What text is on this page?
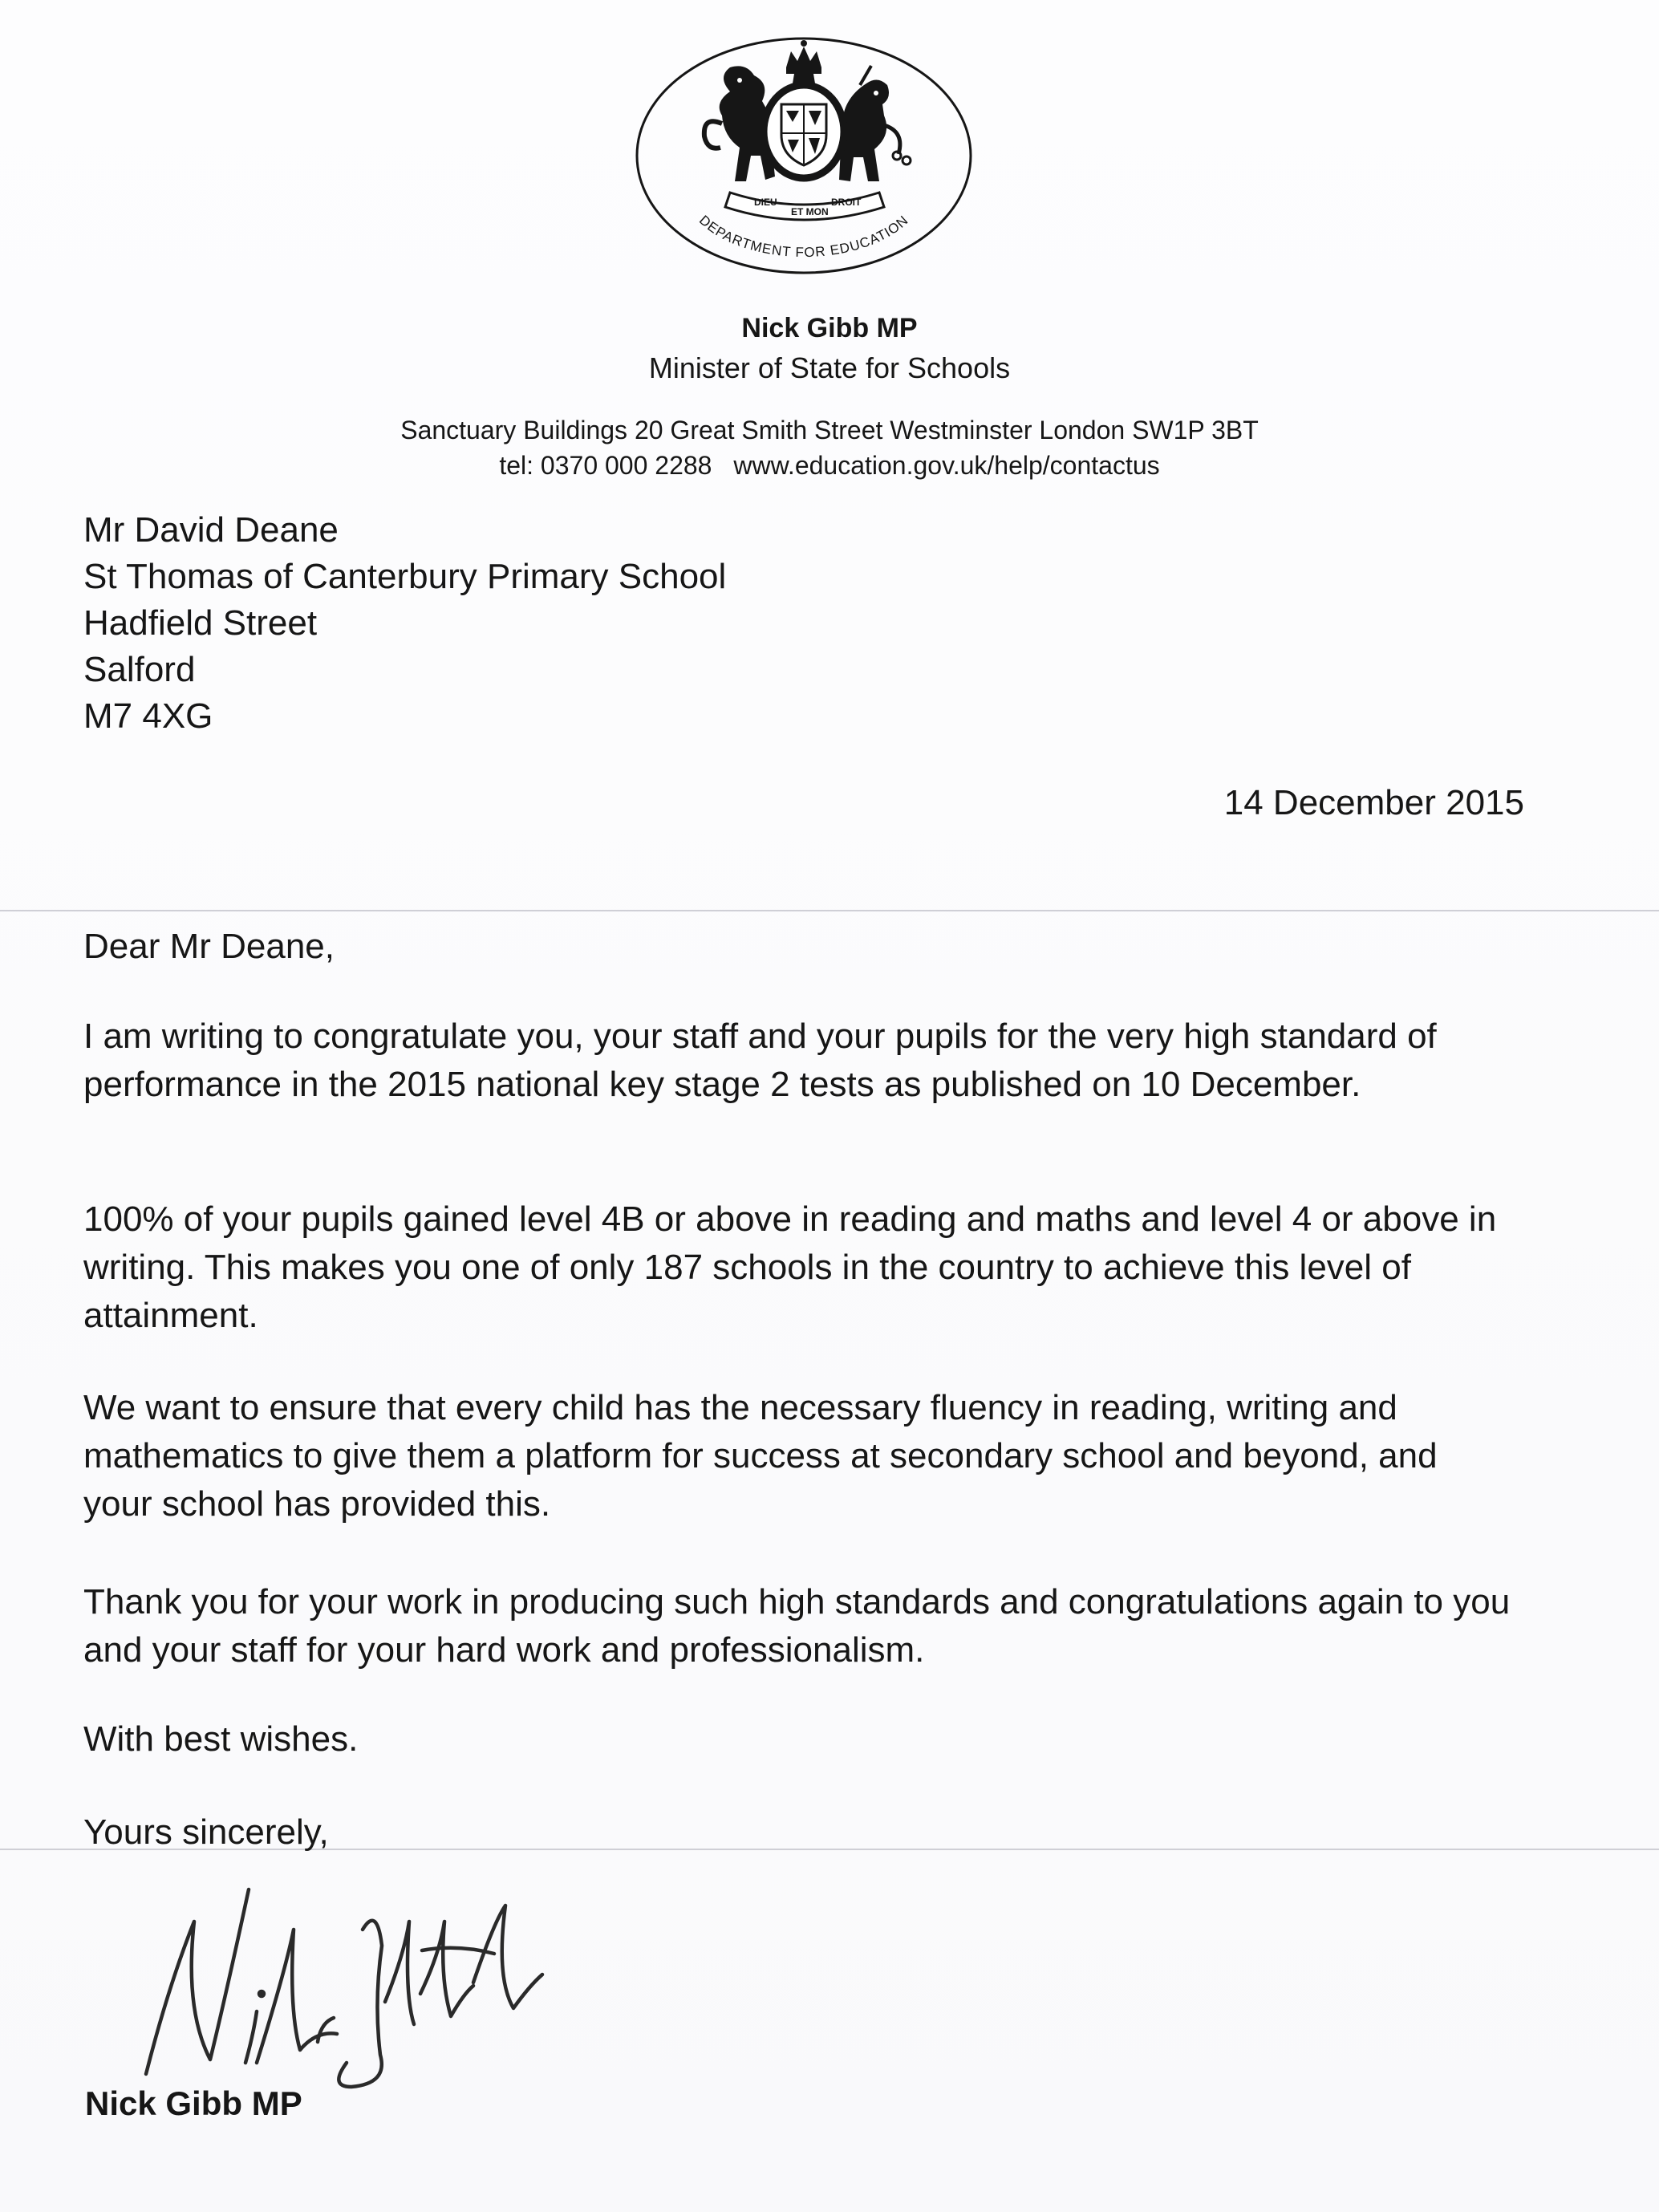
DIEU
ET MON
DROIT
DEPARTMENT FOR EDUCATION
Nick Gibb MP
Minister of State for Schools
Sanctuary Buildings 20 Great Smith Street Westminster London SW1P 3BT
tel: 0370 000 2288 www.education.gov.uk/help/contactus
Mr David Deane
St Thomas of Canterbury Primary School
Hadfield Street
Salford
M7 4XG
14 December 2015
Dear Mr Deane,
I am writing to congratulate you, your staff and your pupils for the very high standard of performance in the 2015 national key stage 2 tests as published on 10 December.
100% of your pupils gained level 4B or above in reading and maths and level 4 or above in writing. This makes you one of only 187 schools in the country to achieve this level of attainment.
We want to ensure that every child has the necessary fluency in reading, writing and mathematics to give them a platform for success at secondary school and beyond, and your school has provided this.
Thank you for your work in producing such high standards and congratulations again to you and your staff for your hard work and professionalism.
With best wishes.
Yours sincerely,
Nick Gibb MP
